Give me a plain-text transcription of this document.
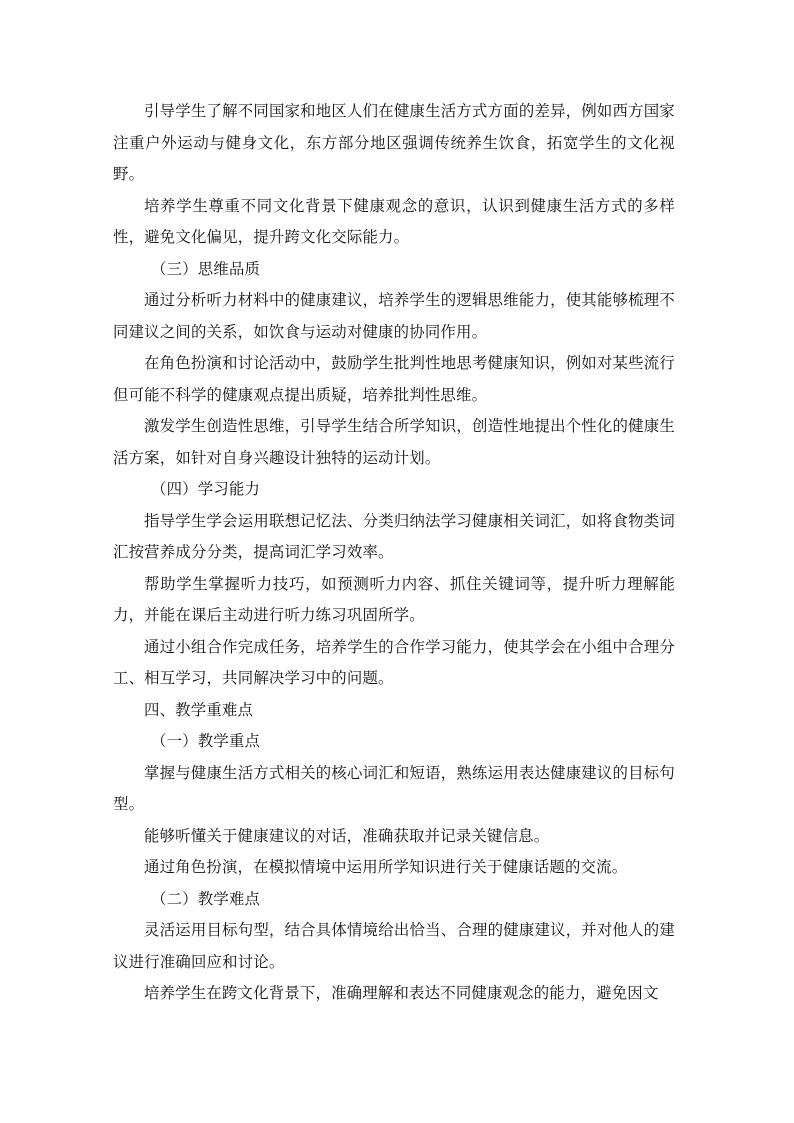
引导学生了解不同国家和地区人们在健康生活方式方面的差异，例如西方国家注重户外运动与健身文化，东方部分地区强调传统养生饮食，拓宽学生的文化视野。

培养学生尊重不同文化背景下健康观念的意识，认识到健康生活方式的多样性，避免文化偏见，提升跨文化交际能力。

（三）思维品质

通过分析听力材料中的健康建议，培养学生的逻辑思维能力，使其能够梳理不同建议之间的关系，如饮食与运动对健康的协同作用。

在角色扮演和讨论活动中，鼓励学生批判性地思考健康知识，例如对某些流行但可能不科学的健康观点提出质疑，培养批判性思维。

激发学生创造性思维，引导学生结合所学知识，创造性地提出个性化的健康生活方案，如针对自身兴趣设计独特的运动计划。

（四）学习能力

指导学生学会运用联想记忆法、分类归纳法学习健康相关词汇，如将食物类词汇按营养成分分类，提高词汇学习效率。

帮助学生掌握听力技巧，如预测听力内容、抓住关键词等，提升听力理解能力，并能在课后主动进行听力练习巩固所学。

通过小组合作完成任务，培养学生的合作学习能力，使其学会在小组中合理分工、相互学习，共同解决学习中的问题。

四、教学重难点

（一）教学重点

掌握与健康生活方式相关的核心词汇和短语，熟练运用表达健康建议的目标句型。

能够听懂关于健康建议的对话，准确获取并记录关键信息。

通过角色扮演，在模拟情境中运用所学知识进行关于健康话题的交流。

（二）教学难点

灵活运用目标句型，结合具体情境给出恰当、合理的健康建议，并对他人的建议进行准确回应和讨论。

培养学生在跨文化背景下，准确理解和表达不同健康观念的能力，避免因文
